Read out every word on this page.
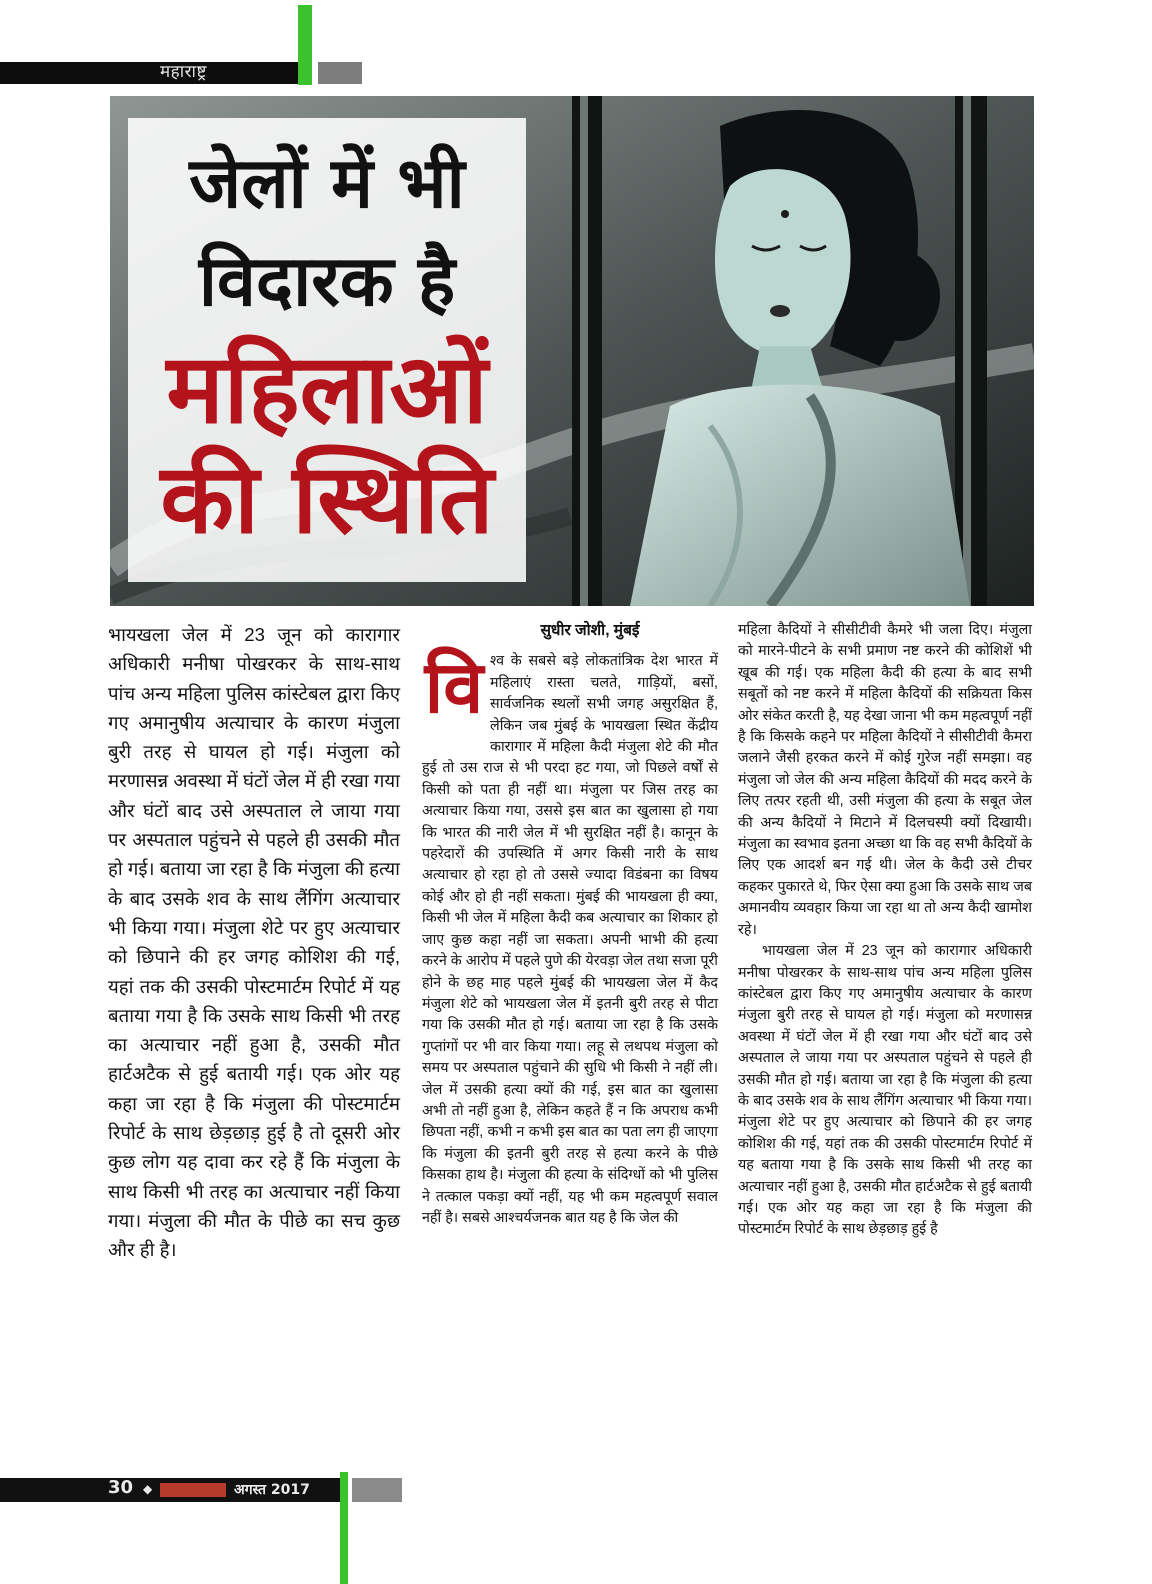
महाराष्ट्र
जेलों में भी
विदारक है
महिलाओं
की स्थिति

भायखला जेल में 23 जून को कारागार अधिकारी मनीषा पोखरकर के साथ-साथ पांच अन्य महिला पुलिस कांस्टेबल द्वारा किए गए अमानुषीय अत्याचार के कारण मंजुला बुरी तरह से घायल हो गई। मंजुला को मरणासन्न अवस्था में घंटों जेल में ही रखा गया और घंटों बाद उसे अस्पताल ले जाया गया पर अस्पताल पहुंचने से पहले ही उसकी मौत हो गई। बताया जा रहा है कि मंजुला की हत्या के बाद उसके शव के साथ लैंगिंग अत्याचार भी किया गया। मंजुला शेटे पर हुए अत्याचार को छिपाने की हर जगह कोशिश की गई, यहां तक की उसकी पोस्टमार्टम रिपोर्ट में यह बताया गया है कि उसके साथ किसी भी तरह का अत्याचार नहीं हुआ है, उसकी मौत हार्टअटैक से हुई बतायी गई। एक ओर यह कहा जा रहा है कि मंजुला की पोस्टमार्टम रिपोर्ट के साथ छेड़छाड़ हुई है तो दूसरी ओर कुछ लोग यह दावा कर रहे हैं कि मंजुला के साथ किसी भी तरह का अत्याचार नहीं किया गया। मंजुला की मौत के पीछे का सच कुछ और ही है।

सुधीर जोशी, मुंबई
वि श्व के सबसे बड़े लोकतांत्रिक देश भारत में महिलाएं रास्ता चलते, गाड़ियों, बसों, सार्वजनिक स्थलों सभी जगह असुरक्षित हैं, लेकिन जब मुंबई के भायखला स्थित केंद्रीय कारागार में महिला कैदी मंजुला शेटे की मौत हुई तो उस राज से भी परदा हट गया, जो पिछले वर्षों से किसी को पता ही नहीं था। मंजुला पर जिस तरह का अत्याचार किया गया, उससे इस बात का खुलासा हो गया कि भारत की नारी जेल में भी सुरक्षित नहीं है। कानून के पहरेदारों की उपस्थिति में अगर किसी नारी के साथ अत्याचार हो रहा हो तो उससे ज्यादा विडंबना का विषय कोई और हो ही नहीं सकता। मुंबई की भायखला ही क्या, किसी भी जेल में महिला कैदी कब अत्याचार का शिकार हो जाए कुछ कहा नहीं जा सकता। अपनी भाभी की हत्या करने के आरोप में पहले पुणे की येरवड़ा जेल तथा सजा पूरी होने के छह माह पहले मुंबई की भायखला जेल में कैद मंजुला शेटे को भायखला जेल में इतनी बुरी तरह से पीटा गया कि उसकी मौत हो गई। बताया जा रहा है कि उसके गुप्तांगों पर भी वार किया गया। लहू से लथपथ मंजुला को समय पर अस्पताल पहुंचाने की सुधि भी किसी ने नहीं ली। जेल में उसकी हत्या क्यों की गई, इस बात का खुलासा अभी तो नहीं हुआ है, लेकिन कहते हैं न कि अपराध कभी छिपता नहीं, कभी न कभी इस बात का पता लग ही जाएगा कि मंजुला की इतनी बुरी तरह से हत्या करने के पीछे किसका हाथ है। मंजुला की हत्या के संदिग्धों को भी पुलिस ने तत्काल पकड़ा क्यों नहीं, यह भी कम महत्वपूर्ण सवाल नहीं है। सबसे आश्चर्यजनक बात यह है कि जेल की

महिला कैदियों ने सीसीटीवी कैमरे भी जला दिए। मंजुला को मारने-पीटने के सभी प्रमाण नष्ट करने की कोशिशें भी खूब की गई। एक महिला कैदी की हत्या के बाद सभी सबूतों को नष्ट करने में महिला कैदियों की सक्रियता किस ओर संकेत करती है, यह देखा जाना भी कम महत्वपूर्ण नहीं है कि किसके कहने पर महिला कैदियों ने सीसीटीवी कैमरा जलाने जैसी हरकत करने में कोई गुरेज नहीं समझा। वह मंजुला जो जेल की अन्य महिला कैदियों की मदद करने के लिए तत्पर रहती थी, उसी मंजुला की हत्या के सबूत जेल की अन्य कैदियों ने मिटाने में दिलचस्पी क्यों दिखायी। मंजुला का स्वभाव इतना अच्छा था कि वह सभी कैदियों के लिए एक आदर्श बन गई थी। जेल के कैदी उसे टीचर कहकर पुकारते थे, फिर ऐसा क्या हुआ कि उसके साथ जब अमानवीय व्यवहार किया जा रहा था तो अन्य कैदी खामोश रहे।

भायखला जेल में 23 जून को कारागार अधिकारी मनीषा पोखरकर के साथ-साथ पांच अन्य महिला पुलिस कांस्टेबल द्वारा किए गए अमानुषीय अत्याचार के कारण मंजुला बुरी तरह से घायल हो गई। मंजुला को मरणासन्न अवस्था में घंटों जेल में ही रखा गया और घंटों बाद उसे अस्पताल ले जाया गया पर अस्पताल पहुंचने से पहले ही उसकी मौत हो गई। बताया जा रहा है कि मंजुला की हत्या के बाद उसके शव के साथ लैंगिंग अत्याचार भी किया गया। मंजुला शेटे पर हुए अत्याचार को छिपाने की हर जगह कोशिश की गई, यहां तक की उसकी पोस्टमार्टम रिपोर्ट में यह बताया गया है कि उसके साथ किसी भी तरह का अत्याचार नहीं हुआ है, उसकी मौत हार्टअटैक से हुई बतायी गई। एक ओर यह कहा जा रहा है कि मंजुला की पोस्टमार्टम रिपोर्ट के साथ छेड़छाड़ हुई है

30 ◆	अगस्त 2017
